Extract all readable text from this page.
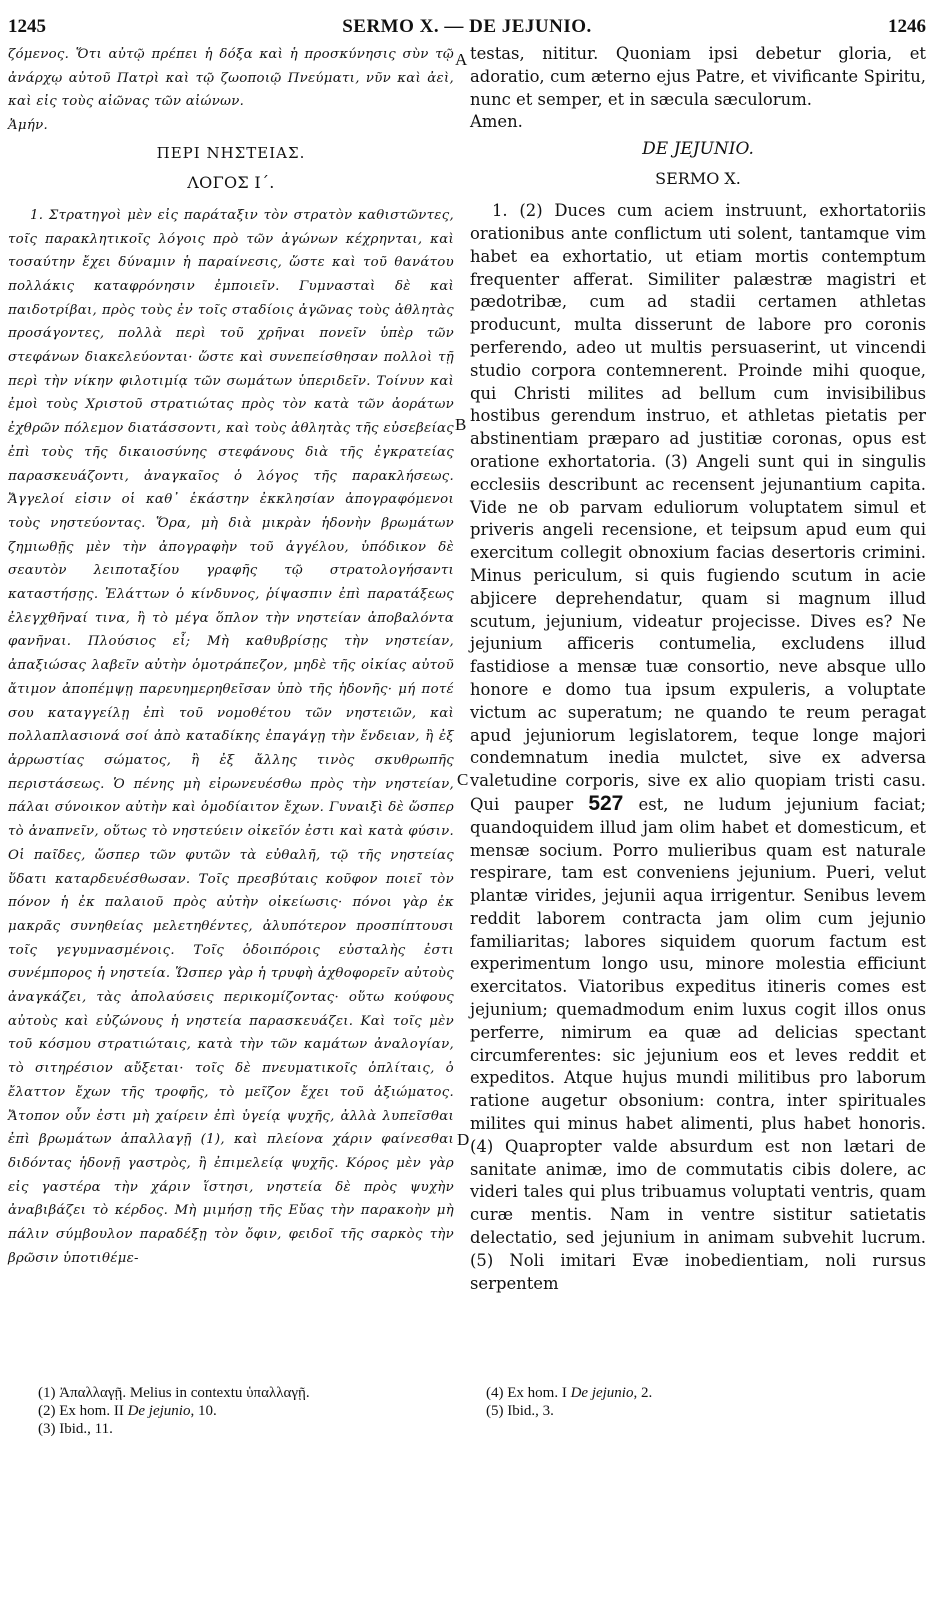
1245	SERMO X. — DE JEJUNIO.	1246

ζόμενος. Ὅτι αὐτῷ πρέπει ἡ δόξα καὶ ἡ προσκύνησις σὺν τῷ ἀνάρχῳ αὐτοῦ Πατρὶ καὶ τῷ ζωοποιῷ Πνεύματι, νῦν καὶ ἀεὶ, καὶ εἰς τοὺς αἰῶνας τῶν αἰώνων.

Ἀμήν.

ΠΕΡΙ ΝΗΣΤΕΙΑΣ.

ΛΟΓΟΣ Ι΄.

1. Στρατηγοὶ μὲν εἰς παράταξιν τὸν στρατὸν καθιστῶντες, τοῖς παρακλητικοῖς λόγοις πρὸ τῶν ἀγώνων κέχρηνται, καὶ τοσαύτην ἔχει δύναμιν ἡ παραίνεσις, ὥστε καὶ τοῦ θανάτου πολλάκις καταφρόνησιν ἐμποιεῖν. Γυμνασταὶ δὲ καὶ παιδοτρίβαι, πρὸς τοὺς ἐν τοῖς σταδίοις ἀγῶνας τοὺς ἀθλητὰς προσάγοντες, πολλὰ περὶ τοῦ χρῆναι πονεῖν ὑπὲρ τῶν στεφάνων διακελεύονται· ὥστε καὶ συνεπείσθησαν πολλοὶ τῇ περὶ τὴν νίκην φιλοτιμίᾳ τῶν σωμάτων ὑπεριδεῖν. Τοίνυν καὶ ἐμοὶ τοὺς Χριστοῦ στρατιώτας πρὸς τὸν κατὰ τῶν ἀοράτων ἐχθρῶν πόλεμον διατάσσοντι, καὶ τοὺς ἀθλητὰς τῆς εὐσεβείας ἐπὶ τοὺς τῆς δικαιοσύνης στεφάνους διὰ τῆς ἐγκρατείας παρασκευάζοντι, ἀναγκαῖος ὁ λόγος τῆς παρακλήσεως. Ἄγγελοί εἰσιν οἱ καθ᾽ ἑκάστην ἐκκλησίαν ἀπογραφόμενοι τοὺς νηστεύοντας. Ὅρα, μὴ διὰ μικρὰν ἡδονὴν βρωμάτων ζημιωθῇς μὲν τὴν ἀπογραφὴν τοῦ ἀγγέλου, ὑπόδικον δὲ σεαυτὸν λειποταξίου γραφῆς τῷ στρατολογήσαντι καταστήσῃς. Ἐλάττων ὁ κίνδυνος, ῥίψασπιν ἐπὶ παρατάξεως ἐλεγχθῆναί τινα, ἢ τὸ μέγα ὅπλον τὴν νηστείαν ἀποβαλόντα φανῆναι. Πλούσιος εἶ; Μὴ καθυβρίσῃς τὴν νηστείαν, ἀπαξιώσας λαβεῖν αὐτὴν ὁμοτράπεζον, μηδὲ τῆς οἰκίας αὐτοῦ ἄτιμον ἀποπέμψῃ παρευημερηθεῖσαν ὑπὸ τῆς ἡδονῆς· μή ποτέ σου καταγγείλῃ ἐπὶ τοῦ νομοθέτου τῶν νηστειῶν, καὶ πολλαπλασιονά σοί ἀπὸ καταδίκης ἐπαγάγῃ τὴν ἔνδειαν, ἢ ἐξ ἀρρωστίας σώματος, ἢ ἐξ ἄλλης τινὸς σκυθρωπῆς περιστάσεως. Ὁ πένης μὴ εἰρωνευέσθω πρὸς τὴν νηστείαν, πάλαι σύνοικον αὐτὴν καὶ ὁμοδίαιτον ἔχων. Γυναιξὶ δὲ ὥσπερ τὸ ἀναπνεῖν, οὕτως τὸ νηστεύειν οἰκεῖόν ἐστι καὶ κατὰ φύσιν. Οἱ παῖδες, ὥσπερ τῶν φυτῶν τὰ εὐθαλῆ, τῷ τῆς νηστείας ὕδατι καταρδευέσθωσαν. Τοῖς πρεσβύταις κοῦφον ποιεῖ τὸν πόνον ἡ ἐκ παλαιοῦ πρὸς αὐτὴν οἰκείωσις· πόνοι γὰρ ἐκ μακρᾶς συνηθείας μελετηθέντες, ἀλυπότερον προσπίπτουσι τοῖς γεγυμνασμένοις. Τοῖς ὁδοιπόροις εὐσταλὴς ἐστι συνέμπορος ἡ νηστεία. Ὥσπερ γὰρ ἡ τρυφὴ ἀχθοφορεῖν αὐτοὺς ἀναγκάζει, τὰς ἀπολαύσεις περικομίζοντας· οὕτω κούφους αὐτοὺς καὶ εὐζώνους ἡ νηστεία παρασκευάζει. Καὶ τοῖς μὲν τοῦ κόσμου στρατιώταις, κατὰ τὴν τῶν καμάτων ἀναλογίαν, τὸ σιτηρέσιον αὔξεται· τοῖς δὲ πνευματικοῖς ὁπλίταις, ὁ ἔλαττον ἔχων τῆς τροφῆς, τὸ μεῖζον ἔχει τοῦ ἀξιώματος. Ἄτοπον οὖν ἐστι μὴ χαίρειν ἐπὶ ὑγείᾳ ψυχῆς, ἀλλὰ λυπεῖσθαι ἐπὶ βρωμάτων ἀπαλλαγῇ (1), καὶ πλείονα χάριν φαίνεσθαι διδόντας ἡδονῇ γαστρὸς, ἢ ἐπιμελείᾳ ψυχῆς. Κόρος μὲν γὰρ εἰς γαστέρα τὴν χάριν ἵστησι, νηστεία δὲ πρὸς ψυχὴν ἀναβιβάζει τὸ κέρδος. Μὴ μιμήσῃ τῆς Εὔας τὴν παρακοὴν μὴ πάλιν σύμβουλον παραδέξῃ τὸν ὄφιν, φειδοῖ τῆς σαρκὸς τὴν βρῶσιν ὑποτιθέμε-

testas, nititur. Quoniam ipsi debetur gloria, et adoratio, cum æterno ejus Patre, et vivificante Spiritu, nunc et semper, et in sæcula sæculorum.

Amen.

DE JEJUNIO.

SERMO X.

1. (2) Duces cum aciem instruunt, exhortatoriis orationibus ante conflictum uti solent, tantamque vim habet ea exhortatio, ut etiam mortis contemptum frequenter afferat. Similiter palæstræ magistri et pædotribæ, cum ad stadii certamen athletas producunt, multa disserunt de labore pro coronis perferendo, adeo ut multis persuaserint, ut vincendi studio corpora contemnerent. Proinde mihi quoque, qui Christi milites ad bellum cum invisibilibus hostibus gerendum instruo, et athletas pietatis per abstinentiam præparo ad justitiæ coronas, opus est oratione exhortatoria. (3) Angeli sunt qui in singulis ecclesiis describunt ac recensent jejunantium capita. Vide ne ob parvam eduliorum voluptatem simul et priveris angeli recensione, et teipsum apud eum qui exercitum collegit obnoxium facias desertoris crimini. Minus periculum, si quis fugiendo scutum in acie abjicere deprehendatur, quam si magnum illud scutum, jejunium, videatur projecisse. Dives es? Ne jejunium afficeris contumelia, excludens illud fastidiose a mensæ tuæ consortio, neve absque ullo honore e domo tua ipsum expuleris, a voluptate victum ac superatum; ne quando te reum peragat apud jejuniorum legislatorem, teque longe majori condemnatum inedia mulctet, sive ex adversa valetudine corporis, sive ex alio quopiam tristi casu. Qui pauper 527 est, ne ludum jejunium faciat; quandoquidem illud jam olim habet et domesticum, et mensæ socium. Porro mulieribus quam est naturale respirare, tam est conveniens jejunium. Pueri, velut plantæ virides, jejunii aqua irrigentur. Senibus levem reddit laborem contracta jam olim cum jejunio familiaritas; labores siquidem quorum factum est experimentum longo usu, minore molestia efficiunt exercitatos. Viatoribus expeditus itineris comes est jejunium; quemadmodum enim luxus cogit illos onus perferre, nimirum ea quæ ad delicias spectant circumferentes: sic jejunium eos et leves reddit et expeditos. Atque hujus mundi militibus pro laborum ratione augetur obsonium: contra, inter spirituales milites qui minus habet alimenti, plus habet honoris. (4) Quapropter valde absurdum est non lætari de sanitate animæ, imo de commutatis cibis dolere, ac videri tales qui plus tribuamus voluptati ventris, quam curæ mentis. Nam in ventre sistitur satietatis delectatio, sed jejunium in animam subvehit lucrum. (5) Noli imitari Evæ inobedientiam, noli rursus serpentem

A
B
C
D
(1) Ἀπαλλαγῇ. Melius in contextu ὑπαλλαγῇ.
(2) Ex hom. II De jejunio, 10.
(3) Ibid., 11.
(4) Ex hom. I De jejunio, 2.
(5) Ibid., 3.
